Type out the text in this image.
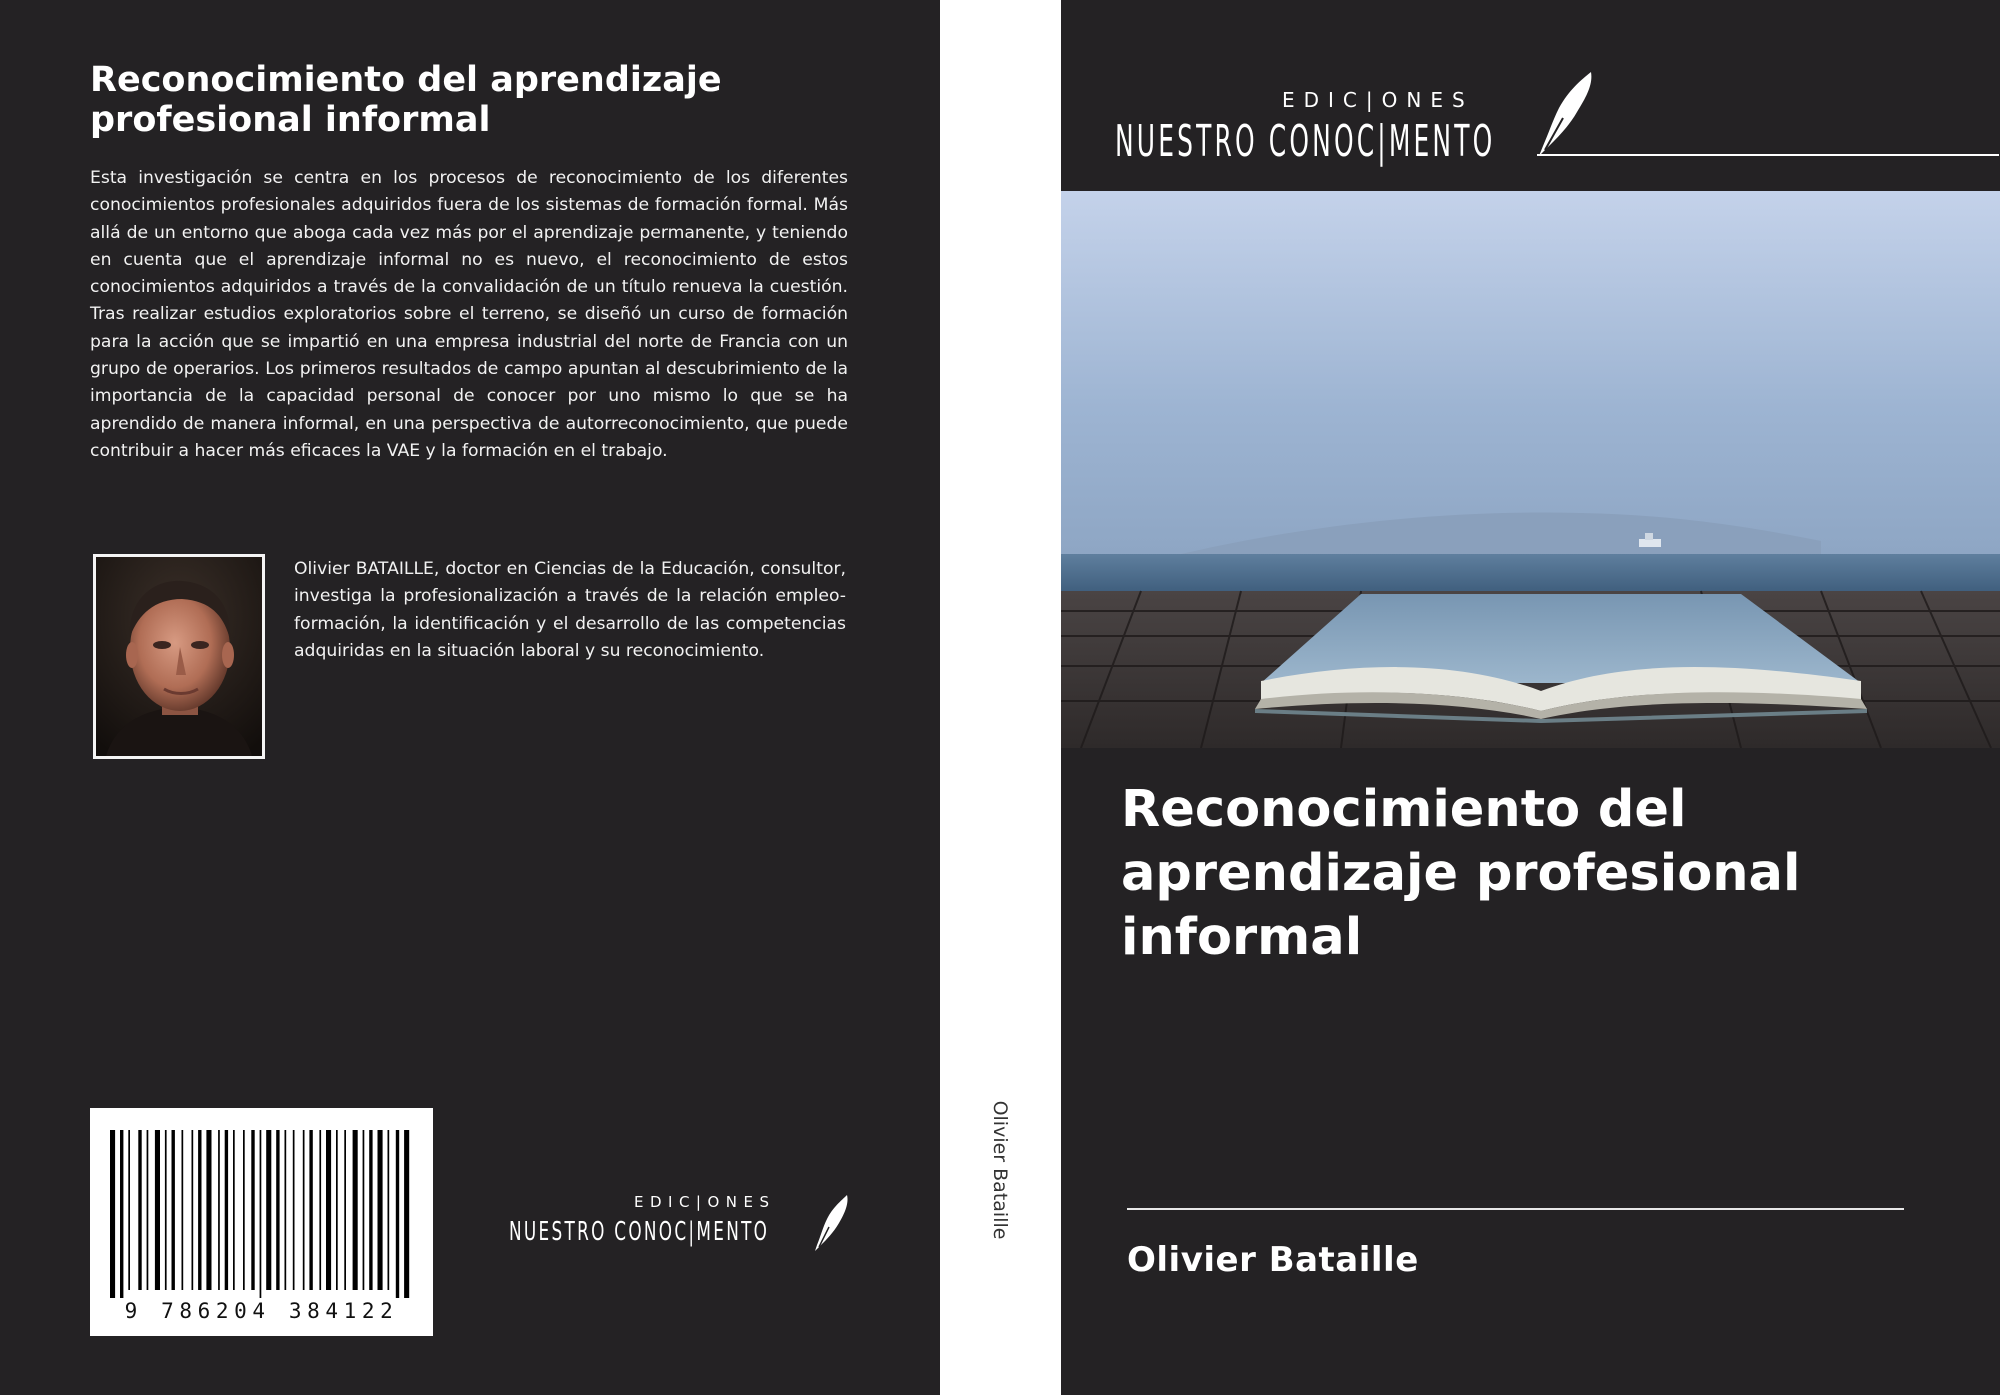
Reconocimiento del aprendizaje profesional informal

Esta investigación se centra en los procesos de reconocimiento de los diferentes conocimientos profesionales adquiridos fuera de los sistemas de formación formal. Más allá de un entorno que aboga cada vez más por el aprendizaje permanente, y teniendo en cuenta que el aprendizaje informal no es nuevo, el reconocimiento de estos conocimientos adquiridos a través de la convalidación de un título renueva la cuestión. Tras realizar estudios exploratorios sobre el terreno, se diseñó un curso de formación para la acción que se impartió en una empresa industrial del norte de Francia con un grupo de operarios. Los primeros resultados de campo apuntan al descubrimiento de la importancia de la capacidad personal de conocer por uno mismo lo que se ha aprendido de manera informal, en una perspectiva de autorreconocimiento, que puede contribuir a hacer más eficaces la VAE y la formación en el trabajo.

Olivier BATAILLE, doctor en Ciencias de la Educación, consultor, investiga la profesionalización a través de la relación empleo-formación, la identificación y el desarrollo de las competencias adquiridas en la situación laboral y su reconocimiento.

9 786204 384122
EDIC|ONES
NUESTRO CONOC|MENTO	Olivier Bataille
EDIC|ONES
NUESTRO CONOC|MENTO
Reconocimiento del aprendizaje profesional informal

Olivier Bataille
